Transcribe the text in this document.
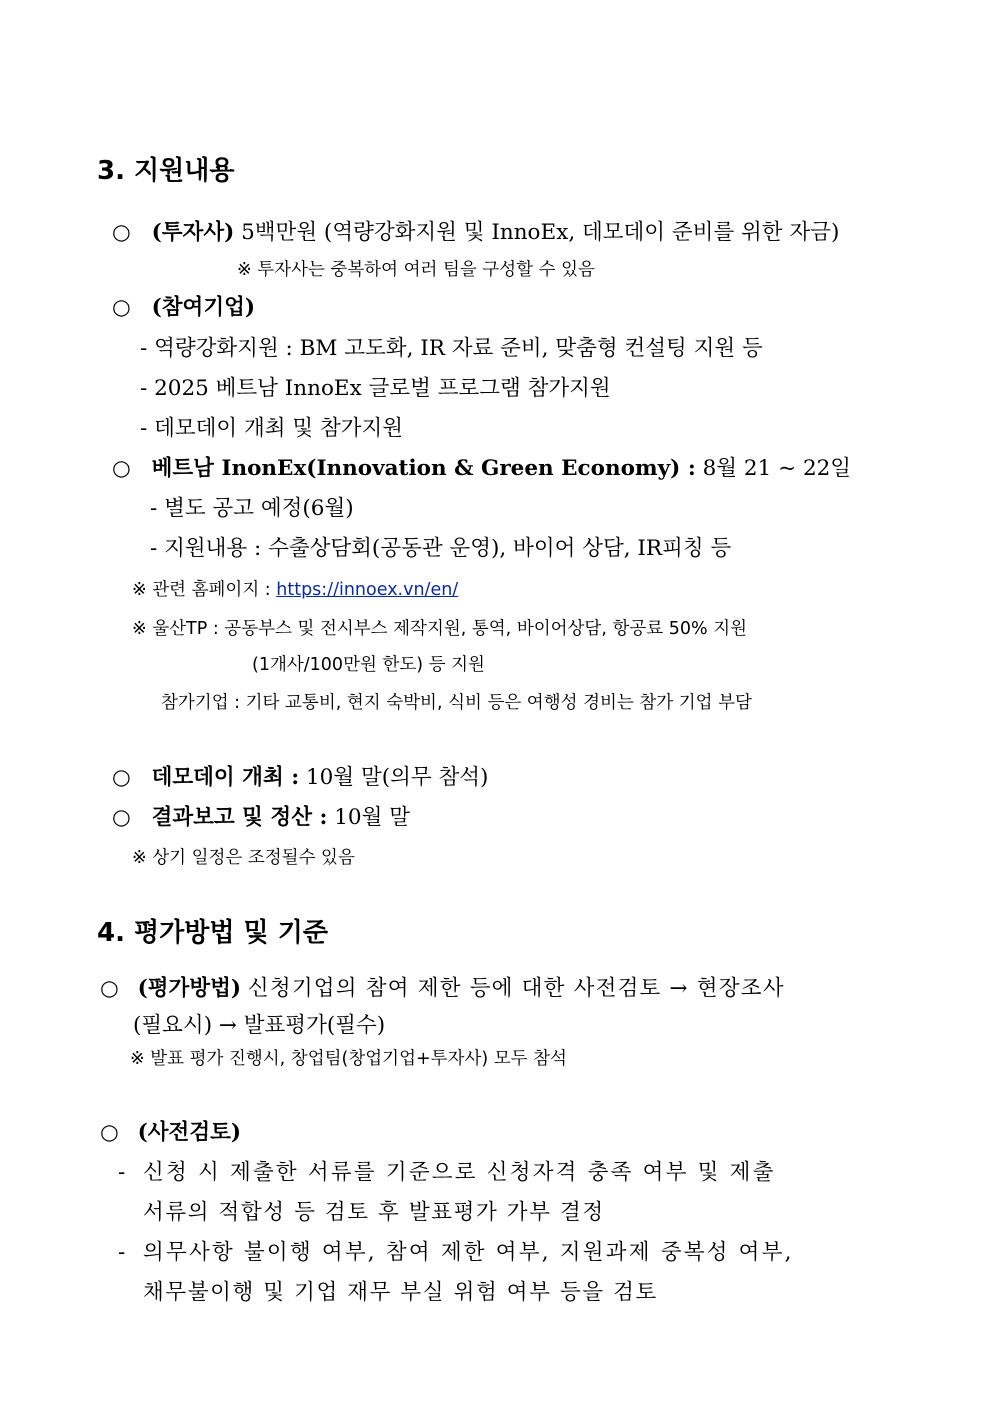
3. 지원내용
○ (투자사) 5백만원 (역량강화지원 및 InnoEx, 데모데이 준비를 위한 자금)
※ 투자사는 중복하여 여러 팀을 구성할 수 있음
○ (참여기업)
- 역량강화지원 : BM 고도화, IR 자료 준비, 맞춤형 컨설팅 지원 등
- 2025 베트남 InnoEx 글로벌 프로그램 참가지원
- 데모데이 개최 및 참가지원
○ 베트남 InonEx(Innovation & Green Economy) : 8월 21 ~ 22일
- 별도 공고 예정(6월)
- 지원내용 : 수출상담회(공동관 운영), 바이어 상담, IR피칭 등
※ 관련 홈페이지 : https://innoex.vn/en/
※ 울산TP : 공동부스 및 전시부스 제작지원, 통역, 바이어상담, 항공료 50% 지원
(1개사/100만원 한도) 등 지원
참가기업 : 기타 교통비, 현지 숙박비, 식비 등은 여행성 경비는 참가 기업 부담
○ 데모데이 개최 : 10월 말(의무 참석)
○ 결과보고 및 정산 : 10월 말
※ 상기 일정은 조정될수 있음
4. 평가방법 및 기준
○ (평가방법) 신청기업의 참여 제한 등에 대한 사전검토 → 현장조사
(필요시) → 발표평가(필수)
※ 발표 평가 진행시, 창업팀(창업기업+투자사) 모두 참석
○ (사전검토)
- 신청 시 제출한 서류를 기준으로 신청자격 충족 여부 및 제출
서류의 적합성 등 검토 후 발표평가 가부 결정
- 의무사항 불이행 여부, 참여 제한 여부, 지원과제 중복성 여부,
채무불이행 및 기업 재무 부실 위험 여부 등을 검토
